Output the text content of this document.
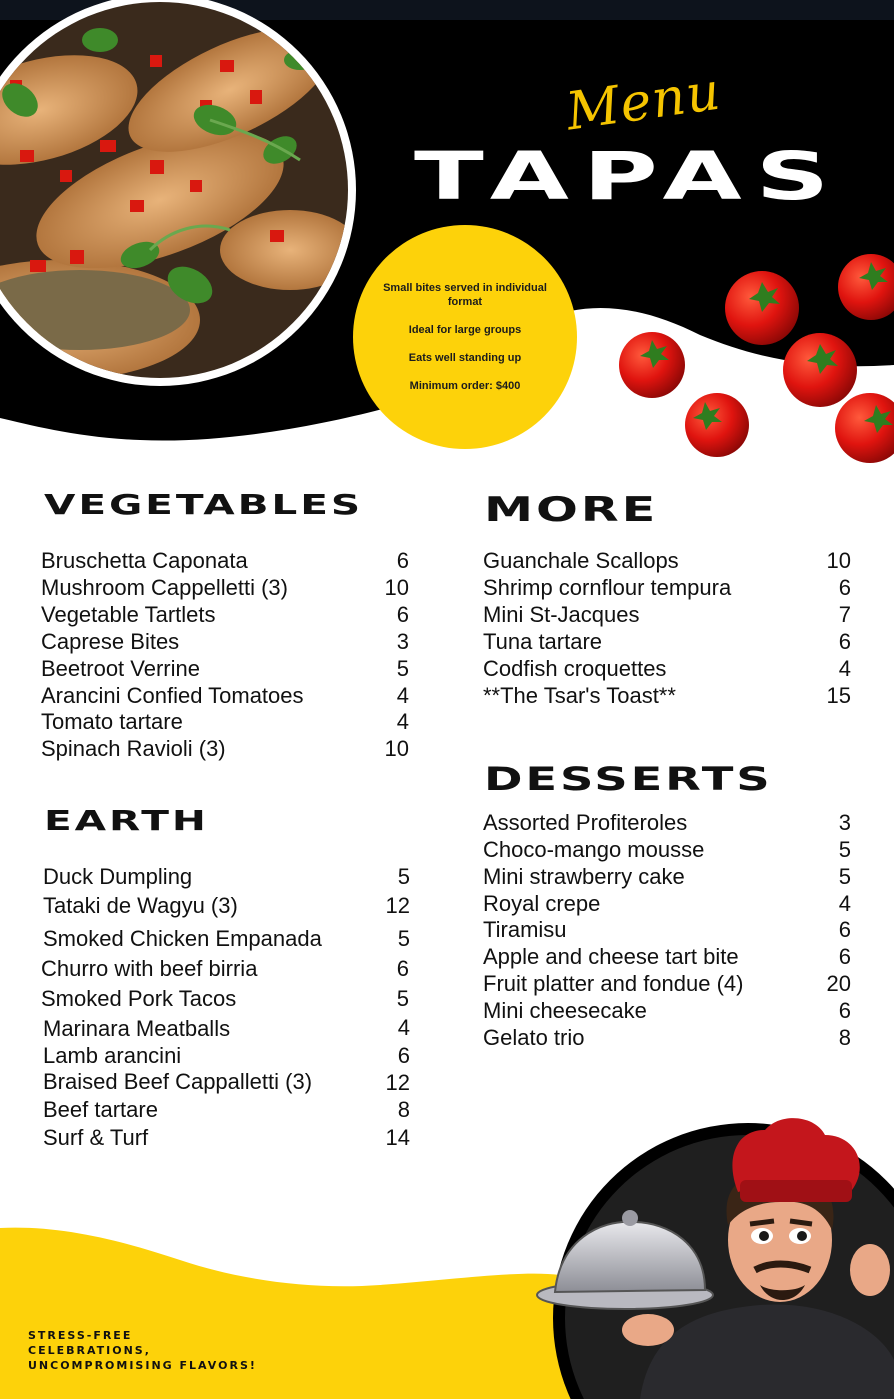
Menu
TAPAS
Small bites served in individual format
Ideal for large groups
Eats well standing up
Minimum order: $400
VEGETABLES
EARTH
MORE
DESSERTS
Bruschetta Caponata	6
Mushroom Cappelletti (3)	10
Vegetable Tartlets	6
Caprese Bites	3
Beetroot Verrine	5
Arancini Confied Tomatoes	4
Tomato tartare	4
Spinach Ravioli (3)	10
Duck Dumpling	5
Tataki de Wagyu (3)	12
Smoked Chicken Empanada	5
Churro with beef birria	6
Smoked Pork Tacos	5
Marinara Meatballs	4
Lamb arancini	6
Braised Beef Cappalletti (3)	12
Beef tartare	8
Surf & Turf	14
Guanchale Scallops	10
Shrimp cornflour tempura	6
Mini St-Jacques	7
Tuna tartare	6
Codfish croquettes	4
**The Tsar's Toast**	15
Assorted Profiteroles	3
Choco-mango mousse	5
Mini strawberry cake	5
Royal crepe	4
Tiramisu	6
Apple and cheese tart bite	6
Fruit platter and fondue (4)	20
Mini cheesecake	6
Gelato trio	8
STRESS-FREE
CELEBRATIONS,
UNCOMPROMISING FLAVORS!
